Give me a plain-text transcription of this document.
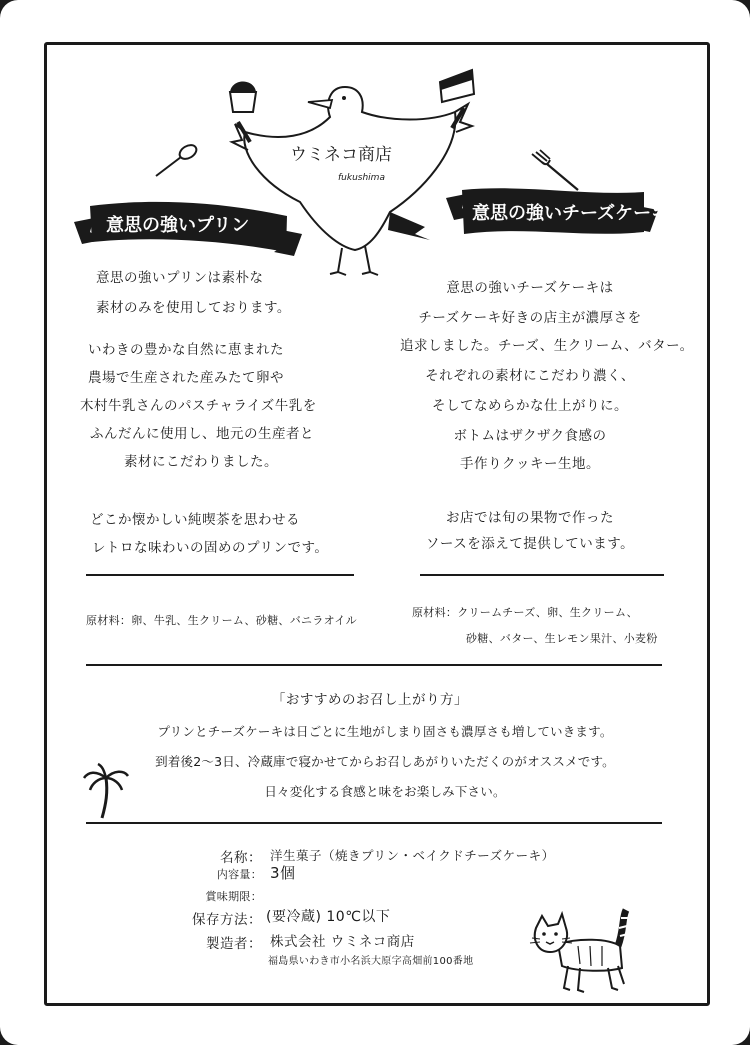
ウミネコ商店
fukushima
意思の強いプリン
意思の強いチーズケーキ
意思の強いプリンは素朴な
素材のみを使用しております。
いわきの豊かな自然に恵まれた
農場で生産された産みたて卵や
木村牛乳さんのパスチャライズ牛乳を
ふんだんに使用し、地元の生産者と
素材にこだわりました。
どこか懐かしい純喫茶を思わせる
レトロな味わいの固めのプリンです。
意思の強いチーズケーキは
チーズケーキ好きの店主が濃厚さを
追求しました。チーズ、生クリーム、バター。
それぞれの素材にこだわり濃く、
そしてなめらかな仕上がりに。
ボトムはザクザク食感の
手作りクッキー生地。
お店では旬の果物で作った
ソースを添えて提供しています。
原材料：卵、牛乳、生クリーム、砂糖、バニラオイル
原材料：クリームチーズ、卵、生クリーム、
砂糖、バター、生レモン果汁、小麦粉
「おすすめのお召し上がり方」
プリンとチーズケーキは日ごとに生地がしまり固さも濃厚さも増していきます。
到着後2〜3日、冷蔵庫で寝かせてからお召しあがりいただくのがオススメです。
日々変化する食感と味をお楽しみ下さい。
名称： 洋生菓子（焼きプリン・ベイクドチーズケーキ）
内容量： 3個
賞味期限：
保存方法： (要冷蔵) 10℃以下
製造者： 株式会社 ウミネコ商店
福島県いわき市小名浜大原字高畑前100番地
